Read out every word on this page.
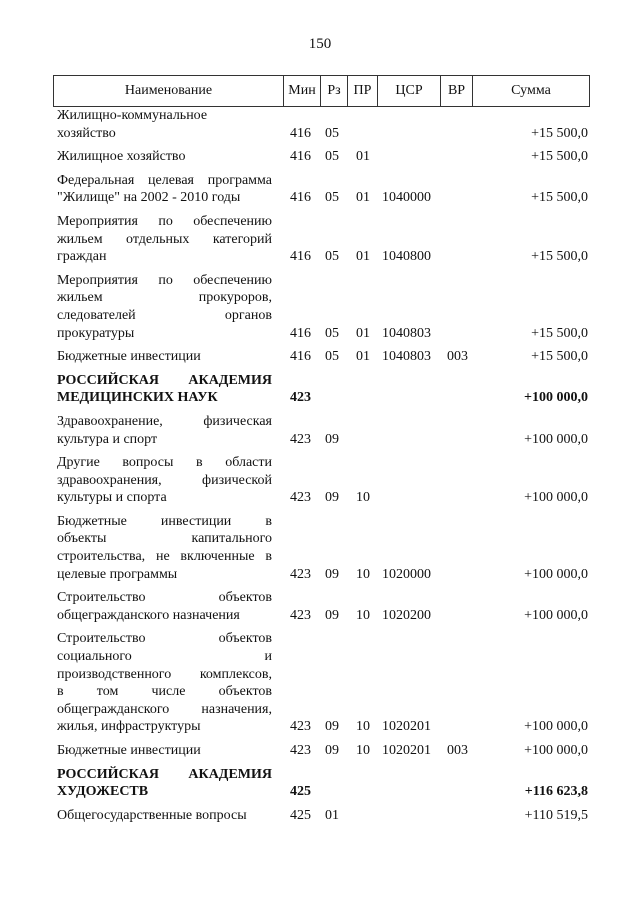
150
Наименование	Мин Рз ПР	ЦСР	ВР	Сумма
Жилищно-коммунальное
хозяйство	416 05	+15 500,0
Жилищное хозяйство	416 05 01	+15 500,0
Федеральная целевая программа
"Жилище" на 2002 - 2010 годы	416 05 01 1040000	+15 500,0
Мероприятия по обеспечению
жильем отдельных категорий
граждан	416 05 01 1040800	+15 500,0
Мероприятия по обеспечению
жильем прокуроров,
следователей органов
прокуратуры	416 05 01 1040803	+15 500,0
Бюджетные инвестиции	416 05 01 1040803 003	+15 500,0
РОССИЙСКАЯ АКАДЕМИЯ
МЕДИЦИНСКИХ НАУК	423	+100 000,0
Здравоохранение, физическая
культура и спорт	423 09	+100 000,0
Другие вопросы в области
здравоохранения, физической
культуры и спорта	423 09 10	+100 000,0
Бюджетные инвестиции в
объекты капитального
строительства, не включенные в
целевые программы	423 09 10 1020000	+100 000,0
Строительство объектов
общегражданского назначения	423 09 10 1020200	+100 000,0
Строительство объектов
социального и
производственного комплексов,
в том числе объектов
общегражданского назначения,
жилья, инфраструктуры	423 09 10 1020201	+100 000,0
Бюджетные инвестиции	423 09 10 1020201 003	+100 000,0
РОССИЙСКАЯ АКАДЕМИЯ
ХУДОЖЕСТВ	425	+116 623,8
Общегосударственные вопросы	425 01	+110 519,5
